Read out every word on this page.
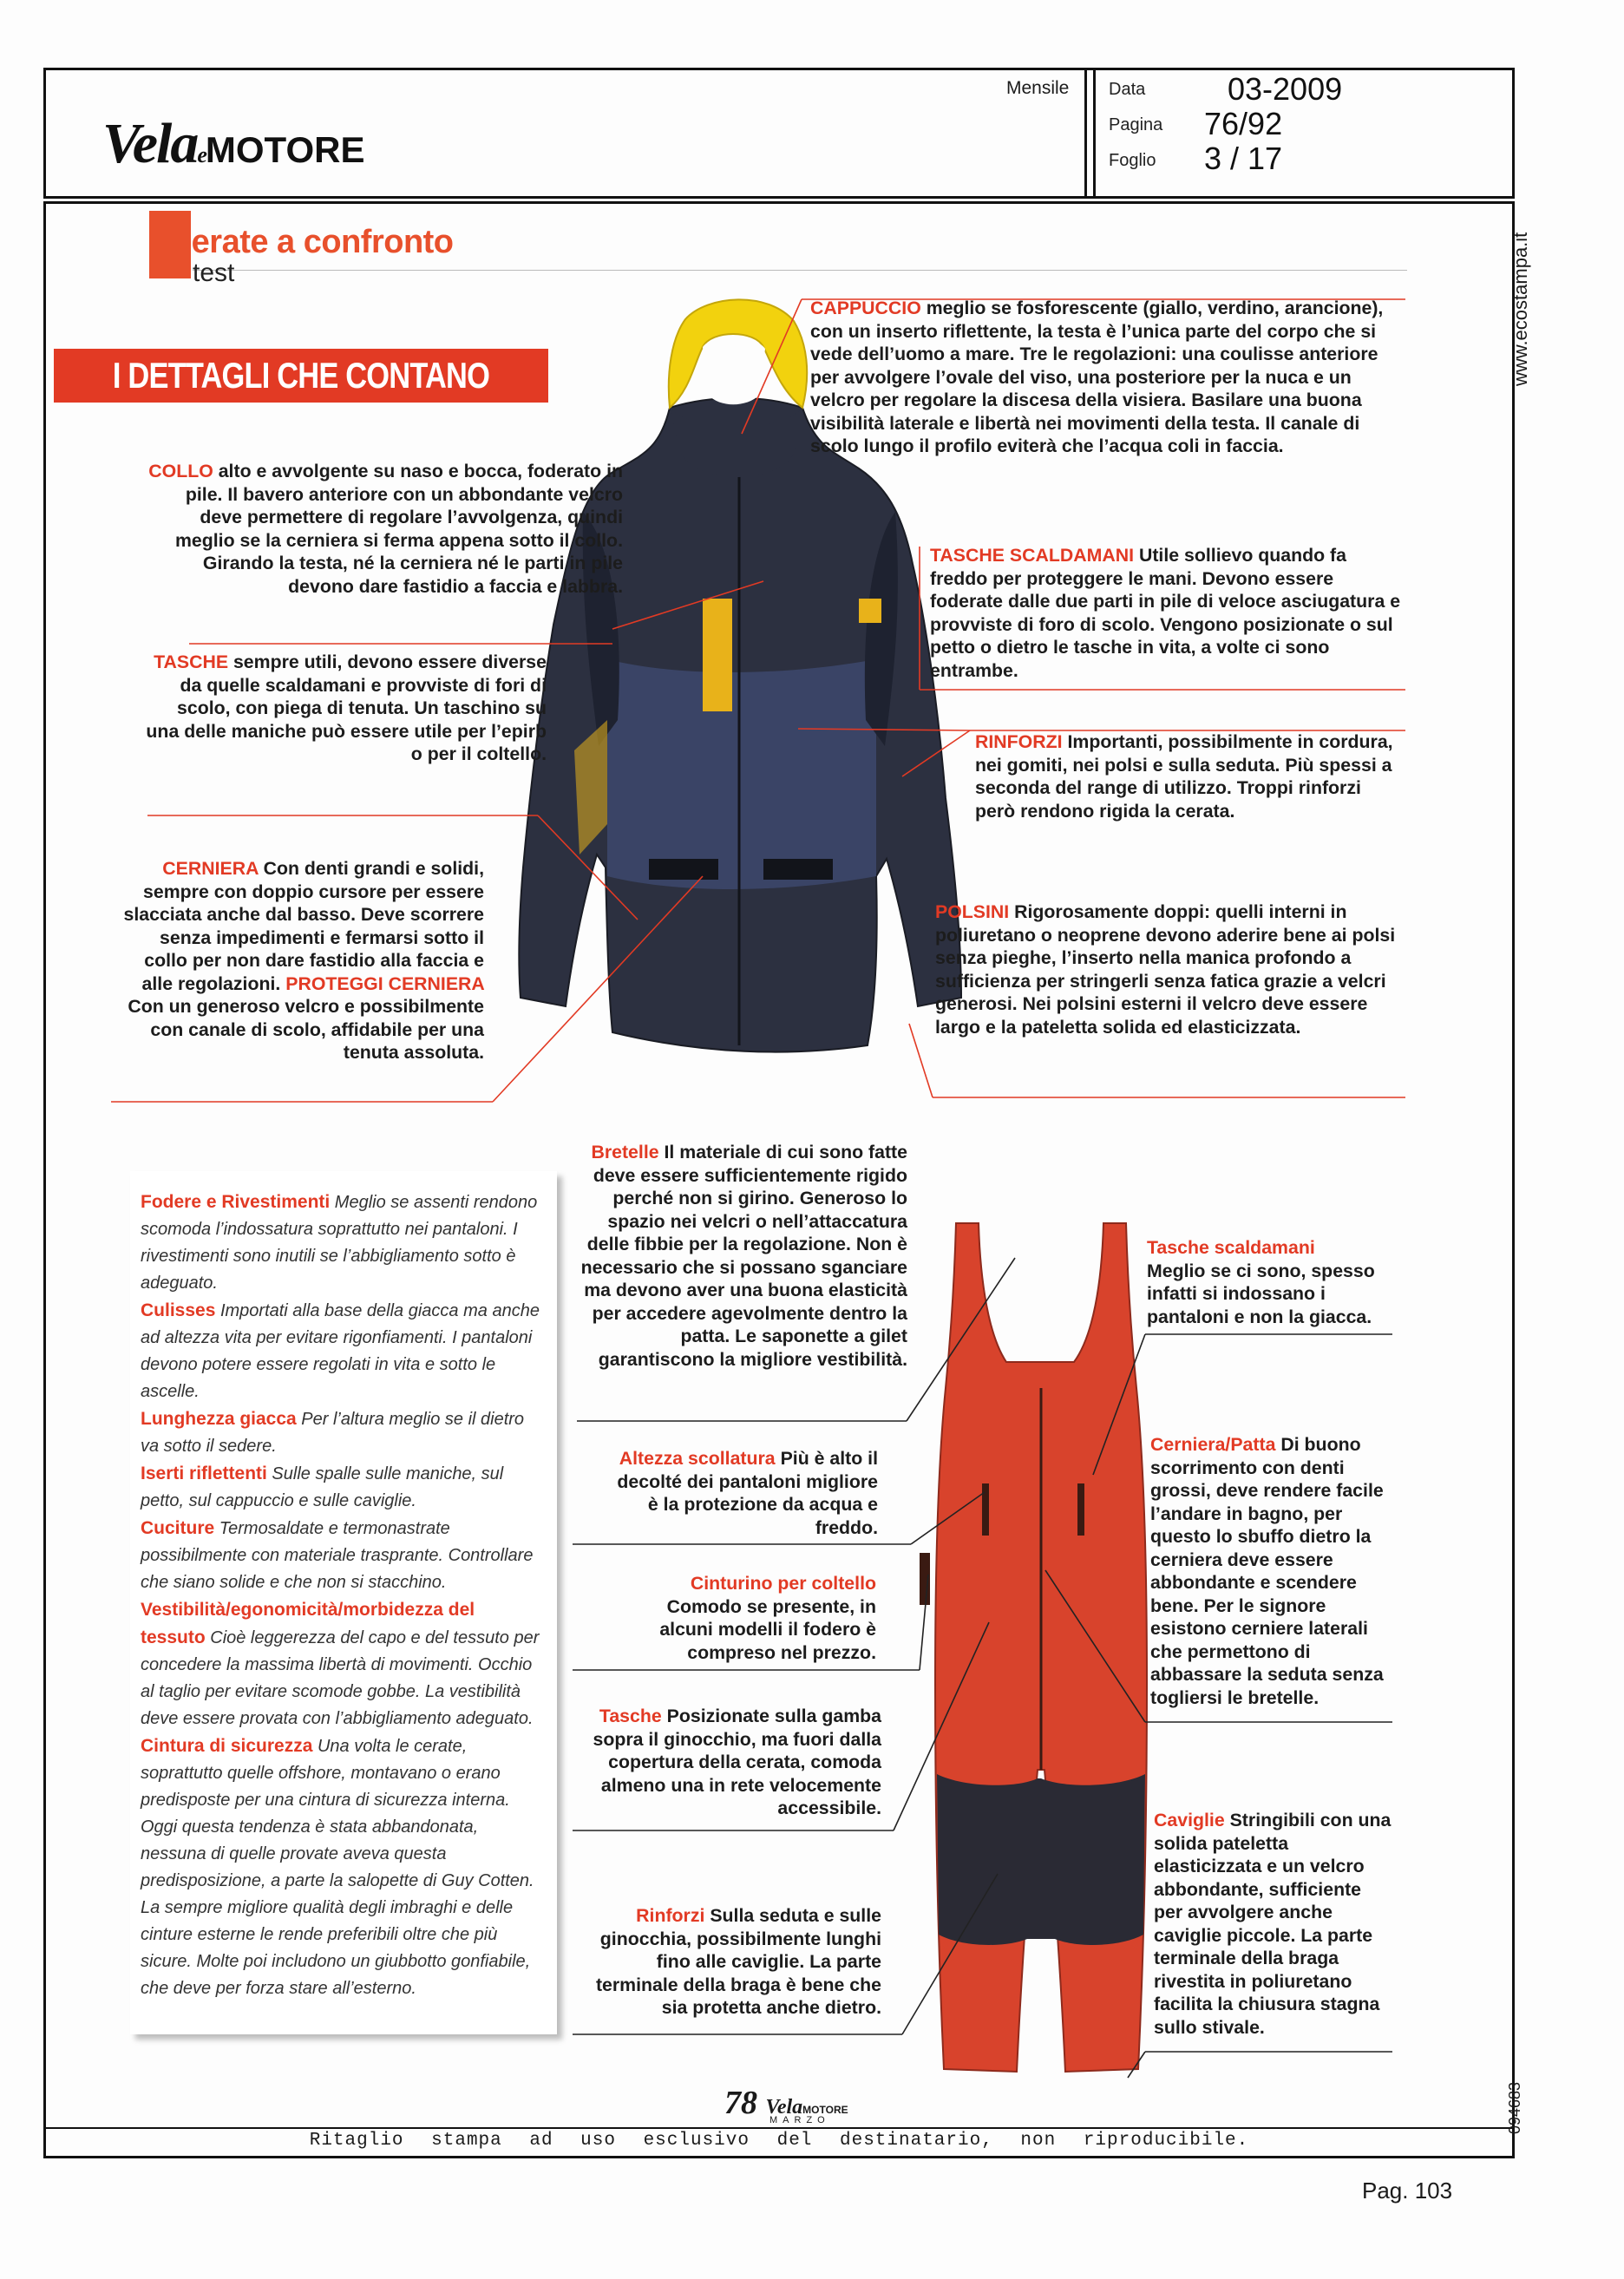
VelaeMOTORE
Mensile Data	03-2009
Pagina 76/92
Foglio 3 / 17
Ritaglio stampa ad uso esclusivo del destinatario, non riproducibile.
www.ecostampa.it
094683
Pag. 103
cerate a confronto
test
I DETTAGLI CHE CONTANO
COLLO alto e avvolgente su naso e bocca, foderato in pile. Il bavero anteriore con un abbondante velcro deve permettere di regolare l’avvolgenza, quindi meglio se la cerniera si ferma appena sotto il collo. Girando la testa, né la cerniera né le parti in pile devono dare fastidio a faccia e labbra.
TASCHE sempre utili, devono essere diverse da quelle scaldamani e provviste di fori di scolo, con piega di tenuta. Un taschino su una delle maniche può essere utile per l’epirb o per il coltello.
CERNIERA Con denti grandi e solidi, sempre con doppio cursore per essere slacciata anche dal basso. Deve scorrere senza impedimenti e fermarsi sotto il collo per non dare fastidio alla faccia e alle regolazioni. PROTEGGI CERNIERA Con un generoso velcro e possibilmente con canale di scolo, affidabile per una tenuta assoluta.
CAPPUCCIO meglio se fosforescente (giallo, verdino, arancione), con un inserto riflettente, la testa è l’unica parte del corpo che si vede dell’uomo a mare. Tre le regolazioni: una coulisse anteriore per avvolgere l’ovale del viso, una posteriore per la nuca e un velcro per regolare la discesa della visiera. Basilare una buona visibilità laterale e libertà nei movimenti della testa. Il canale di scolo lungo il profilo eviterà che l’acqua coli in faccia.
TASCHE SCALDAMANI Utile sollievo quando fa freddo per proteggere le mani. Devono essere foderate dalle due parti in pile di veloce asciugatura e provviste di foro di scolo. Vengono posizionate o sul petto o dietro le tasche in vita, a volte ci sono entrambe.
RINFORZI Importanti, possibilmente in cordura, nei gomiti, nei polsi e sulla seduta. Più spessi a seconda del range di utilizzo. Troppi rinforzi però rendono rigida la cerata.
POLSINI Rigorosamente doppi: quelli interni in poliuretano o neoprene devono aderire bene ai polsi senza pieghe, l’inserto nella manica profondo a sufficienza per stringerli senza fatica grazie a velcri generosi. Nei polsini esterni il velcro deve essere largo e la pateletta solida ed elasticizzata.
Fodere e Rivestimenti Meglio se assenti rendono scomoda l’indossatura soprattutto nei pantaloni. I rivestimenti sono inutili se l’abbigliamento sotto è adeguato.
Culisses Importati alla base della giacca ma anche ad altezza vita per evitare rigonfiamenti. I pantaloni devono potere essere regolati in vita e sotto le ascelle.
Lunghezza giacca Per l’altura meglio se il dietro va sotto il sedere.
Iserti riflettenti Sulle spalle sulle maniche, sul petto, sul cappuccio e sulle caviglie.
Cuciture Termosaldate e termonastrate possibilmente con materiale trasprante. Controllare che siano solide e che non si stacchino.
Vestibilità/egonomicità/morbidezza del tessuto Cioè leggerezza del capo e del tessuto per concedere la massima libertà di movimenti. Occhio al taglio per evitare scomode gobbe. La vestibilità deve essere provata con l’abbigliamento adeguato.
Cintura di sicurezza Una volta le cerate, soprattutto quelle offshore, montavano o erano predisposte per una cintura di sicurezza interna. Oggi questa tendenza è stata abbandonata, nessuna di quelle provate aveva questa predisposizione, a parte la salopette di Guy Cotten. La sempre migliore qualità degli imbraghi e delle cinture esterne le rende preferibili oltre che più sicure. Molte poi includono un giubbotto gonfiabile, che deve per forza stare all’esterno.
Bretelle Il materiale di cui sono fatte deve essere sufficientemente rigido perché non si girino. Generoso lo spazio nei velcri o nell’attaccatura delle fibbie per la regolazione. Non è necessario che si possano sganciare ma devono aver una buona elasticità per accedere agevolmente dentro la patta. Le saponette a gilet garantiscono la migliore vestibilità.
Altezza scollatura Più è alto il decolté dei pantaloni migliore è la protezione da acqua e freddo.
Cinturino per coltello Comodo se presente, in alcuni modelli il fodero è compreso nel prezzo.
Tasche Posizionate sulla gamba sopra il ginocchio, ma fuori dalla copertura della cerata, comoda almeno una in rete velocemente accessibile.
Rinforzi Sulla seduta e sulle ginocchia, possibilmente lunghi fino alle caviglie. La parte terminale della braga è bene che sia protetta anche dietro.
Tasche scaldamani
Meglio se ci sono, spesso infatti si indossano i pantaloni e non la giacca.
Cerniera/Patta Di buono scorrimento con denti grossi, deve rendere facile l’andare in bagno, per questo lo sbuffo dietro la cerniera deve essere abbondante e scendere bene. Per le signore esistono cerniere laterali che permettono di abbassare la seduta senza togliersi le bretelle.
Caviglie Stringibili con una solida pateletta elasticizzata e un velcro abbondante, sufficiente per avvolgere anche caviglie piccole. La parte terminale della braga rivestita in poliuretano facilita la chiusura stagna sullo stivale.
78 VelaMOTORE
MARZO
